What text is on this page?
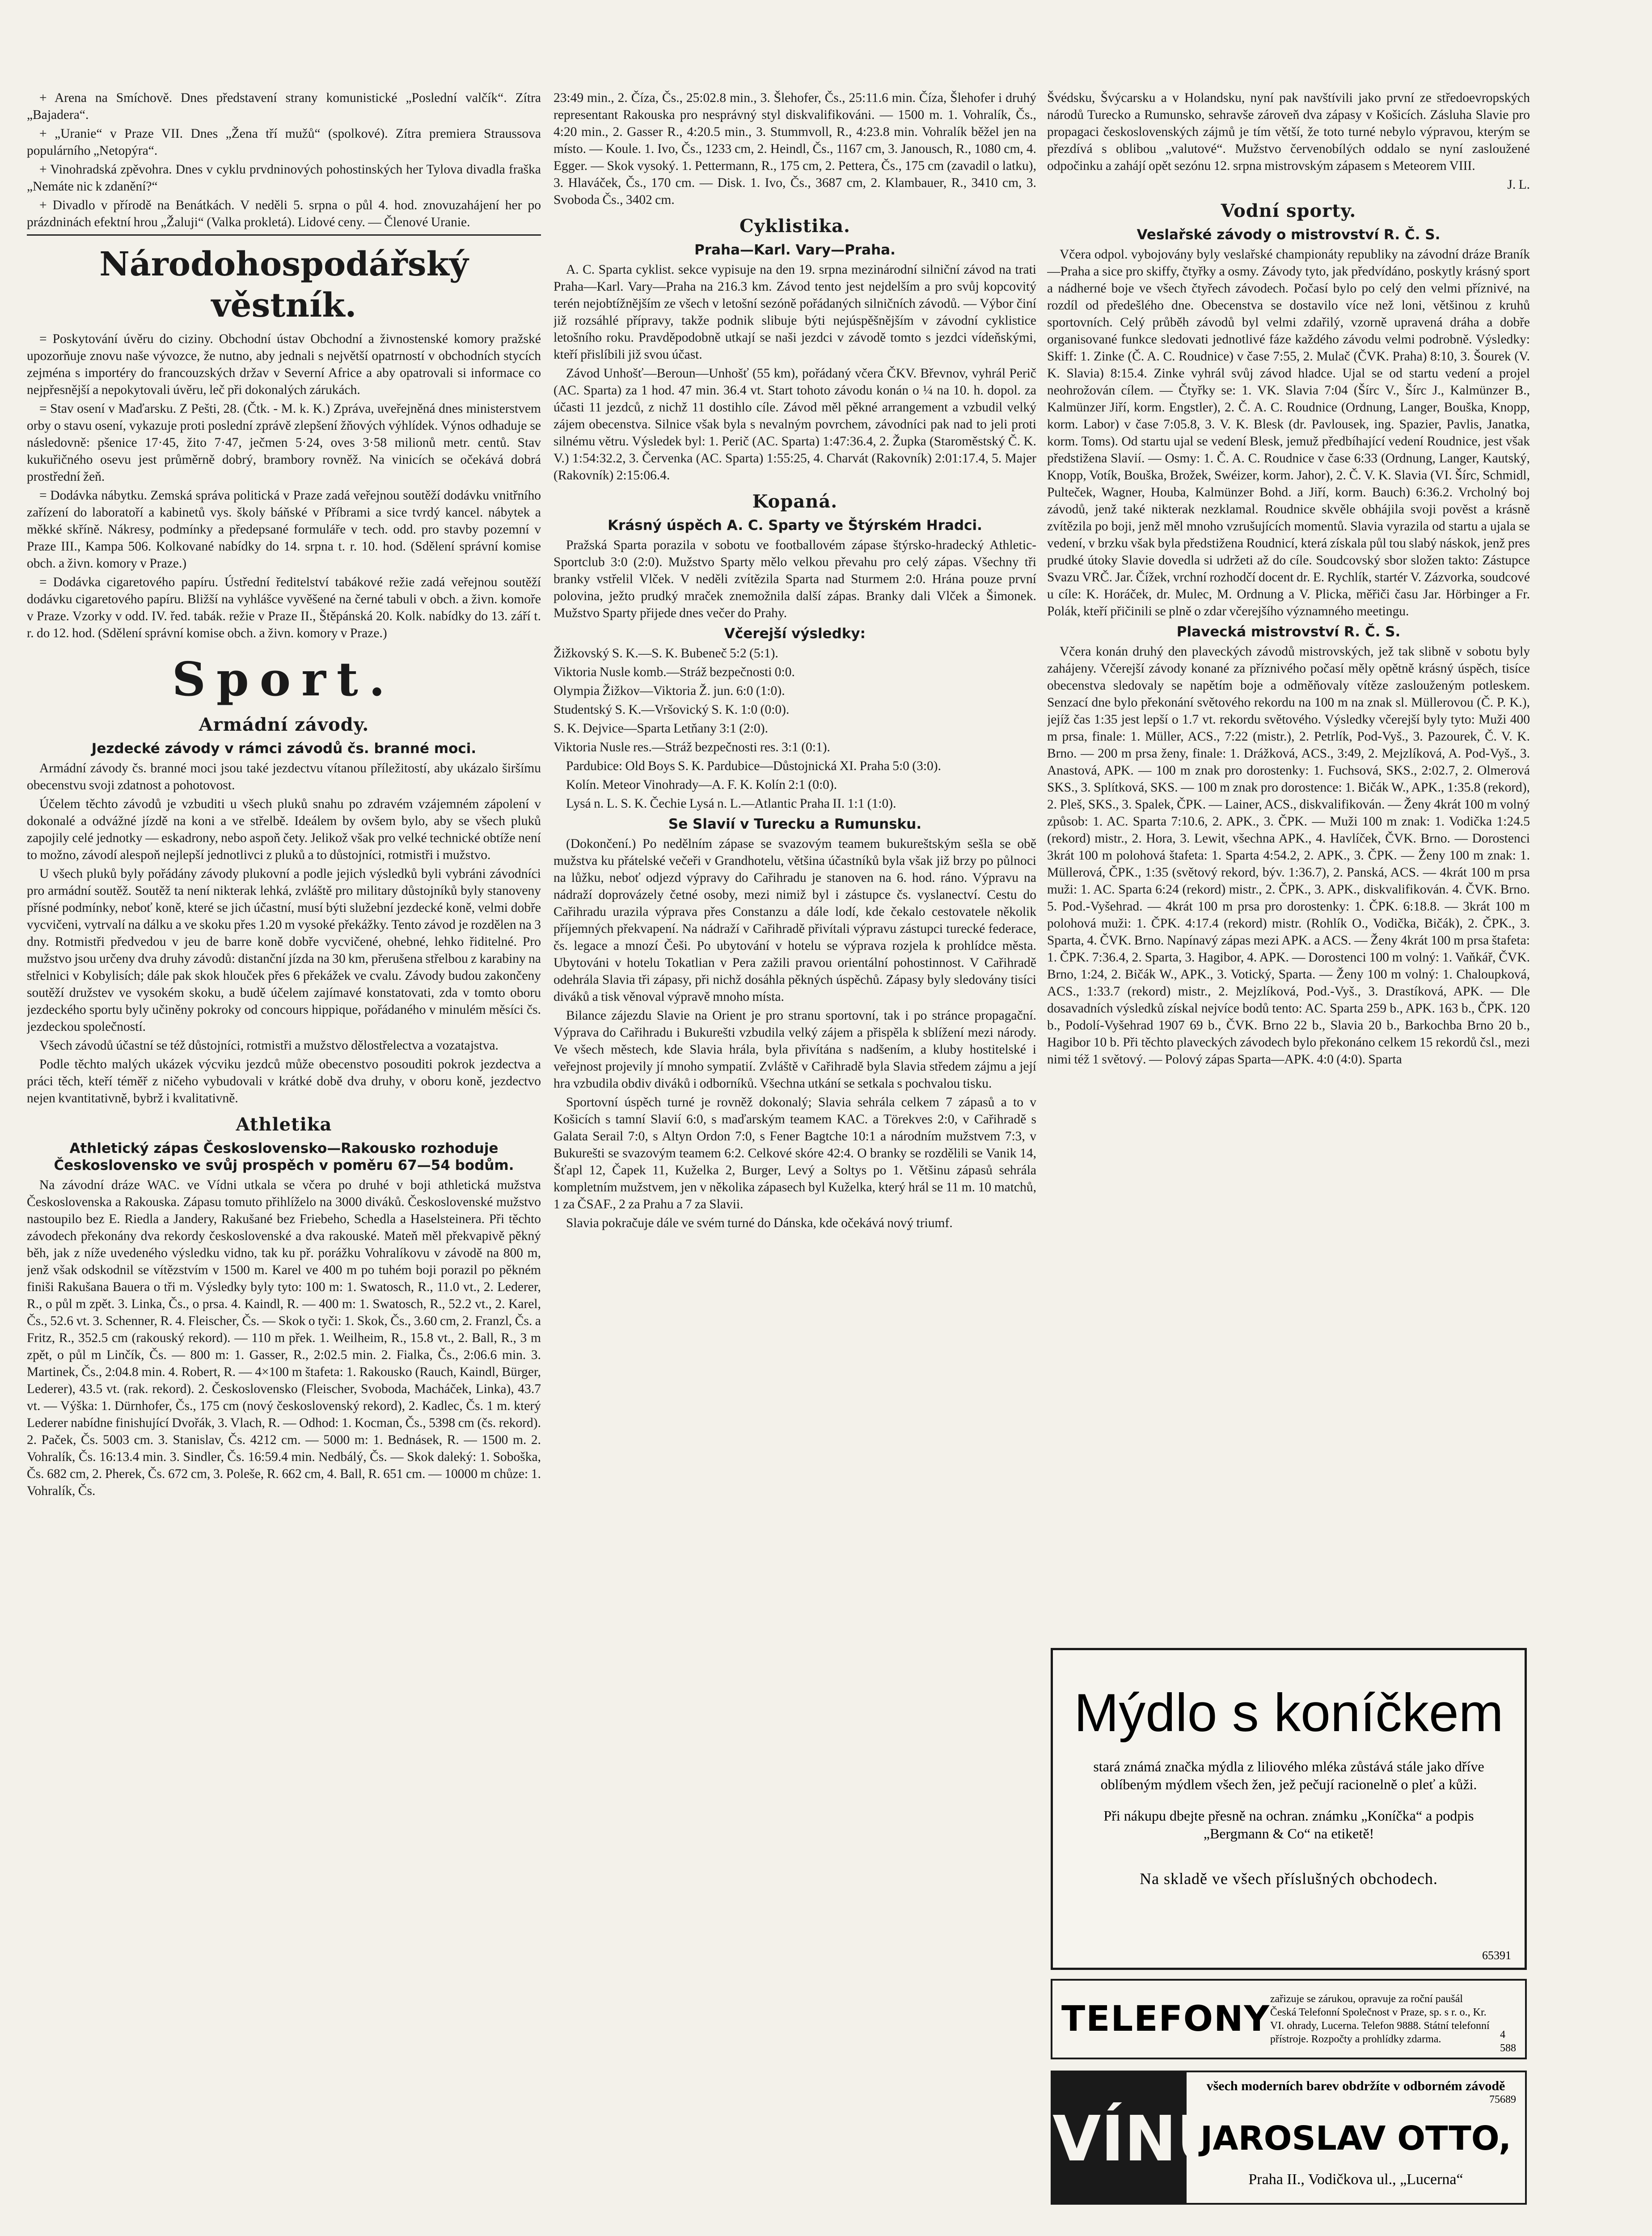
+ Arena na Smíchově. Dnes představení strany komunistické „Poslední valčík“. Zítra „Bajadera“.

+ „Uranie“ v Praze VII. Dnes „Žena tří mužů“ (spolkové). Zítra premiera Straussova populárního „Netopýra“.

+ Vinohradská zpěvohra. Dnes v cyklu prvdninových pohostinských her Tylova divadla fraška „Nemáte nic k zdanění?“

+ Divadlo v přírodě na Benátkách. V neděli 5. srpna o půl 4. hod. znovuzahájení her po prázdninách efektní hrou „Žaluji“ (Valka prokletá). Lidové ceny. — Členové Uranie.

Národohospodářský věstník.

= Poskytování úvěru do ciziny. Obchodní ústav Obchodní a živnostenské komory pražské upozorňuje znovu naše vývozce, že nutno, aby jednali s největší opatrností v obchodních stycích zejména s importéry do francouzských držav v Severní Africe a aby opatrovali si informace co nejpřesnější a nepokytovali úvěru, leč při dokonalých zárukách.

= Stav osení v Maďarsku. Z Pešti, 28. (Čtk. - M. k. K.) Zpráva, uveřejněná dnes ministerstvem orby o stavu osení, vykazuje proti poslední zprávě zlepšení žňových výhlídek. Výnos odhaduje se následovně: pšenice 17·45, žito 7·47, ječmen 5·24, oves 3·58 milionů metr. centů. Stav kukuřičného osevu jest průměrně dobrý, brambory rovněž. Na vinicích se očekává dobrá prostřední žeň.

= Dodávka nábytku. Zemská správa politická v Praze zadá veřejnou soutěží dodávku vnitřního zařízení do laboratoří a kabinetů vys. školy báňské v Příbrami a sice tvrdý kancel. nábytek a měkké skříně. Nákresy, podmínky a předepsané formuláře v tech. odd. pro stavby pozemní v Praze III., Kampa 506. Kolkované nabídky do 14. srpna t. r. 10. hod. (Sdělení správní komise obch. a živn. komory v Praze.)

= Dodávka cigaretového papíru. Ústřední ředitelství tabákové režie zadá veřejnou soutěží dodávku cigaretového papíru. Bližší na vyhlášce vyvěšené na černé tabuli v obch. a živn. komoře v Praze. Vzorky v odd. IV. řed. tabák. režie v Praze II., Štěpánská 20. Kolk. nabídky do 13. září t. r. do 12. hod. (Sdělení správní komise obch. a živn. komory v Praze.)

Sport.
Armádní závody.
Jezdecké závody v rámci závodů čs. branné moci.

Armádní závody čs. branné moci jsou také jezdectvu vítanou příležitostí, aby ukázalo širšímu obecenstvu svoji zdatnost a pohotovost.

Účelem těchto závodů je vzbuditi u všech pluků snahu po zdravém vzájemném zápolení v dokonalé a odvážné jízdě na koni a ve střelbě. Ideálem by ovšem bylo, aby se všech pluků zapojily celé jednotky — eskadrony, nebo aspoň čety. Jelikož však pro velké technické obtíže není to možno, závodí alespoň nejlepší jednotlivci z pluků a to důstojníci, rotmistři i mužstvo.

U všech pluků byly pořádány závody plukovní a podle jejich výsledků byli vybráni závodníci pro armádní soutěž. Soutěž ta není nikterak lehká, zvláště pro military důstojníků byly stanoveny přísné podmínky, neboť koně, které se jich účastní, musí býti služební jezdecké koně, velmi dobře vycvičeni, vytrvalí na dálku a ve skoku přes 1.20 m vysoké překážky. Tento závod je rozdělen na 3 dny. Rotmistři předvedou v jeu de barre koně dobře vycvičené, ohebné, lehko řiditelné. Pro mužstvo jsou určeny dva druhy závodů: distanční jízda na 30 km, přerušena střelbou z karabiny na střelnici v Kobylisích; dále pak skok hlouček přes 6 překážek ve cvalu. Závody budou zakončeny soutěží družstev ve vysokém skoku, a budě účelem zajímavé konstatovati, zda v tomto oboru jezdeckého sportu byly učiněny pokroky od concours hippique, pořádaného v minulém měsíci čs. jezdeckou společností.

Všech závodů účastní se též důstojníci, rotmistři a mužstvo dělostřelectva a vozatajstva.

Podle těchto malých ukázek výcviku jezdců může obecenstvo posouditi pokrok jezdectva a práci těch, kteří téměř z ničeho vybudovali v krátké době dva druhy, v oboru koně, jezdectvo nejen kvantitativně, bybrž i kvalitativně.

Athletika
Athletický zápas Československo—Rakousko rozhoduje Československo ve svůj prospěch v poměru 67—54 bodům.

Na závodní dráze WAC. ve Vídni utkala se včera po druhé v boji athletická mužstva Československa a Rakouska. Zápasu tomuto přihlíželo na 3000 diváků. Československé mužstvo nastoupilo bez E. Riedla a Jandery, Rakušané bez Friebeho, Schedla a Haselsteinera. Při těchto závodech překonány dva rekordy československé a dva rakouské. Mateň měl překvapivě pěkný běh, jak z níže uvedeného výsledku vidno, tak ku př. porážku Vohralíkovu v závodě na 800 m, jenž však odskodnil se vítězstvím v 1500 m. Karel ve 400 m po tuhém boji porazil po pěkném finiši Rakušana Bauera o tři m. Výsledky byly tyto: 100 m: 1. Swatosch, R., 11.0 vt., 2. Lederer, R., o půl m zpět. 3. Linka, Čs., o prsa. 4. Kaindl, R. — 400 m: 1. Swatosch, R., 52.2 vt., 2. Karel, Čs., 52.6 vt. 3. Schenner, R. 4. Fleischer, Čs. — Skok o tyči: 1. Skok, Čs., 3.60 cm, 2. Franzl, Čs. a Fritz, R., 352.5 cm (rakouský rekord). — 110 m přek. 1. Weilheim, R., 15.8 vt., 2. Ball, R., 3 m zpět, o půl m Linčík, Čs. — 800 m: 1. Gasser, R., 2:02.5 min. 2. Fialka, Čs., 2:06.6 min. 3. Martinek, Čs., 2:04.8 min. 4. Robert, R. — 4×100 m štafeta: 1. Rakousko (Rauch, Kaindl, Bürger, Lederer), 43.5 vt. (rak. rekord). 2. Československo (Fleischer, Svoboda, Macháček, Linka), 43.7 vt. — Výška: 1. Dürnhofer, Čs., 175 cm (nový československý rekord), 2. Kadlec, Čs. 1 m. který Lederer nabídne finishující Dvořák, 3. Vlach, R. — Odhod: 1. Kocman, Čs., 5398 cm (čs. rekord). 2. Paček, Čs. 5003 cm. 3. Stanislav, Čs. 4212 cm. — 5000 m: 1. Bednásek, R. — 1500 m. 2. Vohralík, Čs. 16:13.4 min. 3. Sindler, Čs. 16:59.4 min. Nedbálý, Čs. — Skok daleký: 1. Soboška, Čs. 682 cm, 2. Pherek, Čs. 672 cm, 3. Poleše, R. 662 cm, 4. Ball, R. 651 cm. — 10000 m chůze: 1. Vohralík, Čs.

23:49 min., 2. Číza, Čs., 25:02.8 min., 3. Šlehofer, Čs., 25:11.6 min. Číza, Šlehofer i druhý representant Rakouska pro nesprávný styl diskvalifikováni. — 1500 m. 1. Vohralík, Čs., 4:20 min., 2. Gasser R., 4:20.5 min., 3. Stummvoll, R., 4:23.8 min. Vohralík běžel jen na místo. — Koule. 1. Ivo, Čs., 1233 cm, 2. Heindl, Čs., 1167 cm, 3. Janousch, R., 1080 cm, 4. Egger. — Skok vysoký. 1. Pettermann, R., 175 cm, 2. Pettera, Čs., 175 cm (zavadil o latku), 3. Hlaváček, Čs., 170 cm. — Disk. 1. Ivo, Čs., 3687 cm, 2. Klambauer, R., 3410 cm, 3. Svoboda Čs., 3402 cm.

Cyklistika.
Praha—Karl. Vary—Praha.

A. C. Sparta cyklist. sekce vypisuje na den 19. srpna mezinárodní silniční závod na trati Praha—Karl. Vary—Praha na 216.3 km. Závod tento jest nejdelším a pro svůj kopcovitý terén nejobtížnějším ze všech v letošní sezóně pořádaných silničních závodů. — Výbor činí již rozsáhlé přípravy, takže podnik slibuje býti nejúspěšnějším v závodní cyklistice letošního roku. Pravděpodobně utkají se naši jezdci v závodě tomto s jezdci vídeňskými, kteří přislíbili již svou účast.

Závod Unhošť—Beroun—Unhošť (55 km), pořádaný včera ČKV. Břevnov, vyhrál Perič (AC. Sparta) za 1 hod. 47 min. 36.4 vt. Start tohoto závodu konán o ¼ na 10. h. dopol. za účasti 11 jezdců, z nichž 11 dostihlo cíle. Závod měl pěkné arrangement a vzbudil velký zájem obecenstva. Silnice však byla s nevalným povrchem, závodníci pak nad to jeli proti silnému větru. Výsledek byl: 1. Perič (AC. Sparta) 1:47:36.4, 2. Župka (Staroměstský Č. K. V.) 1:54:32.2, 3. Červenka (AC. Sparta) 1:55:25, 4. Charvát (Rakovník) 2:01:17.4, 5. Majer (Rakovník) 2:15:06.4.

Kopaná.
Krásný úspěch A. C. Sparty ve Štýrském Hradci.

Pražská Sparta porazila v sobotu ve footballovém zápase štýrsko-hradecký Athletic-Sportclub 3:0 (2:0). Mužstvo Sparty mělo velkou převahu pro celý zápas. Všechny tři branky vstřelil Vlček. V neděli zvítězila Sparta nad Sturmem 2:0. Hrána pouze první polovina, ježto prudký mraček znemožnila další zápas. Branky dali Vlček a Šimonek. Mužstvo Sparty přijede dnes večer do Prahy.

Včerejší výsledky:

Žižkovský S. K.—S. K. Bubeneč 5:2 (5:1).

Viktoria Nusle komb.—Stráž bezpečnosti 0:0.

Olympia Žižkov—Viktoria Ž. jun. 6:0 (1:0).

Studentský S. K.—Vršovický S. K. 1:0 (0:0).

S. K. Dejvice—Sparta Letňany 3:1 (2:0).

Viktoria Nusle res.—Stráž bezpečnosti res. 3:1 (0:1).

Pardubice: Old Boys S. K. Pardubice—Důstojnická XI. Praha 5:0 (3:0).

Kolín. Meteor Vinohrady—A. F. K. Kolín 2:1 (0:0).

Lysá n. L. S. K. Čechie Lysá n. L.—Atlantic Praha II. 1:1 (1:0).

Se Slavií v Turecku a Rumunsku.

(Dokončení.) Po nedělním zápase se svazovým teamem bukureštským sešla se obě mužstva ku přátelské večeři v Grandhotelu, většina účastníků byla však již brzy po půlnoci na lůžku, neboť odjezd výpravy do Cařihradu je stanoven na 6. hod. ráno. Výpravu na nádraží doprovázely četné osoby, mezi nimiž byl i zástupce čs. vyslanectví. Cestu do Cařihradu urazila výprava přes Constanzu a dále lodí, kde čekalo cestovatele několik příjemných překvapení. Na nádraží v Cařihradě přivítali výpravu zástupci turecké federace, čs. legace a mnozí Češi. Po ubytování v hotelu se výprava rozjela k prohlídce města. Ubytováni v hotelu Tokatlian v Pera zažili pravou orientální pohostinnost. V Cařihradě odehrála Slavia tři zápasy, při nichž dosáhla pěkných úspěchů. Zápasy byly sledovány tisíci diváků a tisk věnoval výpravě mnoho místa.

Bilance zájezdu Slavie na Orient je pro stranu sportovní, tak i po stránce propagační. Výprava do Cařihradu i Bukurešti vzbudila velký zájem a přispěla k sblížení mezi národy. Ve všech městech, kde Slavia hrála, byla přivítána s nadšením, a kluby hostitelské i veřejnost projevily jí mnoho sympatií. Zvláště v Cařihradě byla Slavia středem zájmu a její hra vzbudila obdiv diváků i odborníků. Všechna utkání se setkala s pochvalou tisku.

Sportovní úspěch turné je rovněž dokonalý; Slavia sehrála celkem 7 zápasů a to v Košicích s tamní Slavií 6:0, s maďarským teamem KAC. a Törekves 2:0, v Cařihradě s Galata Serail 7:0, s Altyn Ordon 7:0, s Fener Bagtche 10:1 a národním mužstvem 7:3, v Bukurešti se svazovým teamem 6:2. Celkové skóre 42:4. O branky se rozdělili se Vanik 14, Šťapl 12, Čapek 11, Kuželka 2, Burger, Levý a Soltys po 1. Většinu zápasů sehrála kompletním mužstvem, jen v několika zápasech byl Kuželka, který hrál se 11 m. 10 matchů, 1 za ČSAF., 2 za Prahu a 7 za Slavii.

Slavia pokračuje dále ve svém turné do Dánska, kde očekává nový triumf.

Švédsku, Švýcarsku a v Holandsku, nyní pak navštívili jako první ze středoevropských národů Turecko a Rumunsko, sehravše zároveň dva zápasy v Košicích. Zásluha Slavie pro propagaci československých zájmů je tím větší, že toto turné nebylo výpravou, kterým se přezdívá s oblibou „valutové“. Mužstvo červenobílých oddalo se nyní zasloužené odpočinku a zahájí opět sezónu 12. srpna mistrovským zápasem s Meteorem VIII.

J. L.

Vodní sporty.
Veslařské závody o mistrovství R. Č. S.

Včera odpol. vybojovány byly veslařské championáty republiky na závodní dráze Braník—Praha a sice pro skiffy, čtyřky a osmy. Závody tyto, jak předvídáno, poskytly krásný sport a nádherné boje ve všech čtyřech závodech. Počasí bylo po celý den velmi příznivé, na rozdíl od předešlého dne. Obecenstva se dostavilo více než loni, většinou z kruhů sportovních. Celý průběh závodů byl velmi zdařilý, vzorně upravená dráha a dobře organisované funkce sledovati jednotlivé fáze každého závodu velmi podrobně. Výsledky: Skiff: 1. Zinke (Č. A. C. Roudnice) v čase 7:55, 2. Mulač (ČVK. Praha) 8:10, 3. Šourek (V. K. Slavia) 8:15.4. Zinke vyhrál svůj závod hladce. Ujal se od startu vedení a projel neohrožován cílem. — Čtyřky se: 1. VK. Slavia 7:04 (Šírc V., Šírc J., Kalmünzer B., Kalmünzer Jiří, korm. Engstler), 2. Č. A. C. Roudnice (Ordnung, Langer, Bouška, Knopp, korm. Labor) v čase 7:05.8, 3. V. K. Blesk (dr. Pavlousek, ing. Spazier, Pavlis, Janatka, korm. Toms). Od startu ujal se vedení Blesk, jemuž předbíhající vedení Roudnice, jest však předstižena Slavií. — Osmy: 1. Č. A. C. Roudnice v čase 6:33 (Ordnung, Langer, Kautský, Knopp, Votík, Bouška, Brožek, Swéizer, korm. Jahor), 2. Č. V. K. Slavia (VI. Šírc, Schmidl, Pulteček, Wagner, Houba, Kalmünzer Bohd. a Jiří, korm. Bauch) 6:36.2. Vrcholný boj závodů, jenž také nikterak nezklamal. Roudnice skvěle obhájila svoji pověst a krásně zvítězila po boji, jenž měl mnoho vzrušujících momentů. Slavia vyrazila od startu a ujala se vedení, v brzku však byla předstižena Roudnicí, která získala půl tou slabý náskok, jenž pres prudké útoky Slavie dovedla si udržeti až do cíle. Soudcovský sbor složen takto: Zástupce Svazu VRČ. Jar. Čížek, vrchní rozhodčí docent dr. E. Rychlík, startér V. Zázvorka, soudcové u cíle: K. Horáček, dr. Mulec, M. Ordnung a V. Plicka, měřiči času Jar. Hörbinger a Fr. Polák, kteří přičinili se plně o zdar včerejšího významného meetingu.

Plavecká mistrovství R. Č. S.

Včera konán druhý den plaveckých závodů mistrovských, jež tak slibně v sobotu byly zahájeny. Včerejší závody konané za příznivého počasí měly opětně krásný úspěch, tisíce obecenstva sledovaly se napětím boje a odměňovaly vítěze zaslouženým potleskem. Senzací dne bylo překonání světového rekordu na 100 m na znak sl. Müllerovou (Č. P. K.), jejíž čas 1:35 jest lepší o 1.7 vt. rekordu světového. Výsledky včerejší byly tyto: Muži 400 m prsa, finale: 1. Müller, ACS., 7:22 (mistr.), 2. Petrlík, Pod-Vyš., 3. Pazourek, Č. V. K. Brno. — 200 m prsa ženy, finale: 1. Drážková, ACS., 3:49, 2. Mejzlíková, A. Pod-Vyš., 3. Anastová, APK. — 100 m znak pro dorostenky: 1. Fuchsová, SKS., 2:02.7, 2. Olmerová SKS., 3. Splítková, SKS. — 100 m znak pro dorostence: 1. Bičák W., APK., 1:35.8 (rekord), 2. Pleš, SKS., 3. Spalek, ČPK. — Lainer, ACS., diskvalifikován. — Ženy 4krát 100 m volný způsob: 1. AC. Sparta 7:10.6, 2. APK., 3. ČPK. — Muži 100 m znak: 1. Vodička 1:24.5 (rekord) mistr., 2. Hora, 3. Lewit, všechna APK., 4. Havlíček, ČVK. Brno. — Dorostenci 3krát 100 m polohová štafeta: 1. Sparta 4:54.2, 2. APK., 3. ČPK. — Ženy 100 m znak: 1. Müllerová, ČPK., 1:35 (světový rekord, býv. 1:36.7), 2. Panská, ACS. — 4krát 100 m prsa muži: 1. AC. Sparta 6:24 (rekord) mistr., 2. ČPK., 3. APK., diskvalifikován. 4. ČVK. Brno. 5. Pod.-Vyšehrad. — 4krát 100 m prsa pro dorostenky: 1. ČPK. 6:18.8. — 3krát 100 m polohová muži: 1. ČPK. 4:17.4 (rekord) mistr. (Rohlík O., Vodička, Bičák), 2. ČPK., 3. Sparta, 4. ČVK. Brno. Napínavý zápas mezi APK. a ACS. — Ženy 4krát 100 m prsa štafeta: 1. ČPK. 7:36.4, 2. Sparta, 3. Hagibor, 4. APK. — Dorostenci 100 m volný: 1. Vaňkář, ČVK. Brno, 1:24, 2. Bičák W., APK., 3. Votický, Sparta. — Ženy 100 m volný: 1. Chaloupková, ACS., 1:33.7 (rekord) mistr., 2. Mejzlíková, Pod.-Vyš., 3. Drastíková, APK. — Dle dosavadních výsledků získal nejvíce bodů tento: AC. Sparta 259 b., APK. 163 b., ČPK. 120 b., Podolí-Vyšehrad 1907 69 b., ČVK. Brno 22 b., Slavia 20 b., Barkochba Brno 20 b., Hagibor 10 b. Při těchto plaveckých závodech bylo překonáno celkem 15 rekordů čsl., mezi nimi též 1 světový. — Polový zápas Sparta—APK. 4:0 (4:0). Sparta

Mýdlo s koníčkem
stará známá značka mýdla z liliového mléka zůstává stále jako dříve oblíbeným mýdlem všech žen, jež pečují racionelně o pleť a kůži.
Při nákupu dbejte přesně na ochran. známku „Koníčka“ a podpis „Bergmann & Co“ na etiketě!
Na skladě ve všech příslušných obchodech.
65391
TELEFONY zařizuje se zárukou, opravuje za roční paušál Česká Telefonní Společnost v Praze, sp. s r. o., Kr. VI. ohrady, Lucerna. Telefon 9888. Státní telefonní přístroje. Rozpočty a prohlídky zdarma.	4 588
VÍNU
všech moderních barev obdržíte v odborném závodě
75689
JAROSLAV OTTO,
Praha II., Vodičkova ul., „Lucerna“
